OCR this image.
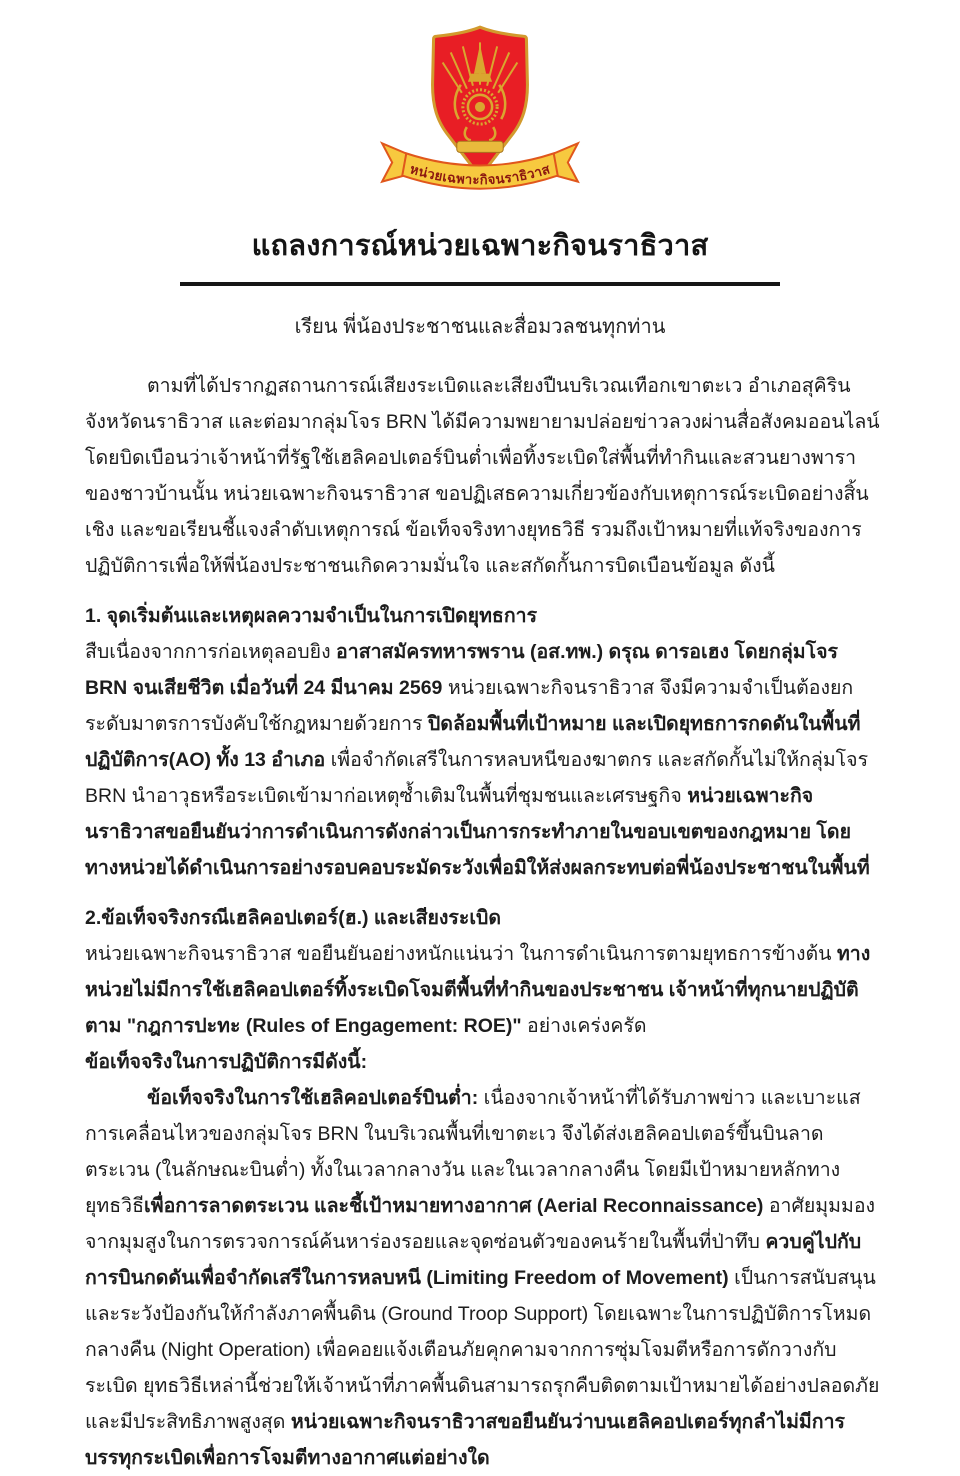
หน่วยเฉพาะกิจนราธิวาส
แถลงการณ์หน่วยเฉพาะกิจนราธิวาส
เรียน พี่น้องประชาชนและสื่อมวลชนทุกท่าน
ตามที่ได้ปรากฏสถานการณ์เสียงระเบิดและเสียงปืนบริเวณเทือกเขาตะเว อำเภอสุคิริน จังหวัดนราธิวาส และต่อมากลุ่มโจร BRN ได้มีความพยายามปล่อยข่าวลวงผ่านสื่อสังคมออนไลน์ โดยบิดเบือนว่าเจ้าหน้าที่รัฐใช้เฮลิคอปเตอร์บินต่ำเพื่อทิ้งระเบิดใส่พื้นที่ทำกินและสวนยางพาราของชาวบ้านนั้น หน่วยเฉพาะกิจนราธิวาส ขอปฏิเสธความเกี่ยวข้องกับเหตุการณ์ระเบิดอย่างสิ้นเชิง และขอเรียนชี้แจงลำดับเหตุการณ์ ข้อเท็จจริงทางยุทธวิธี รวมถึงเป้าหมายที่แท้จริงของการปฏิบัติการเพื่อให้พี่น้องประชาชนเกิดความมั่นใจ และสกัดกั้นการบิดเบือนข้อมูล ดังนี้
1. จุดเริ่มต้นและเหตุผลความจำเป็นในการเปิดยุทธการ
สืบเนื่องจากการก่อเหตุลอบยิง อาสาสมัครทหารพราน (อส.ทพ.) ดรุณ ดารอเฮง โดยกลุ่มโจร BRN จนเสียชีวิต เมื่อวันที่ 24 มีนาคม 2569 หน่วยเฉพาะกิจนราธิวาส จึงมีความจำเป็นต้องยกระดับมาตรการบังคับใช้กฎหมายด้วยการ ปิดล้อมพื้นที่เป้าหมาย และเปิดยุทธการกดดันในพื้นที่ปฏิบัติการ(AO) ทั้ง 13 อำเภอ เพื่อจำกัดเสรีในการหลบหนีของฆาตกร และสกัดกั้นไม่ให้กลุ่มโจร BRN นำอาวุธหรือระเบิดเข้ามาก่อเหตุซ้ำเติมในพื้นที่ชุมชนและเศรษฐกิจ หน่วยเฉพาะกิจนราธิวาสขอยืนยันว่าการดำเนินการดังกล่าวเป็นการกระทำภายในขอบเขตของกฎหมาย โดยทางหน่วยได้ดำเนินการอย่างรอบคอบระมัดระวังเพื่อมิให้ส่งผลกระทบต่อพี่น้องประชาชนในพื้นที่
2.ข้อเท็จจริงกรณีเฮลิคอปเตอร์(ฮ.) และเสียงระเบิด
หน่วยเฉพาะกิจนราธิวาส ขอยืนยันอย่างหนักแน่นว่า ในการดำเนินการตามยุทธการข้างต้น ทางหน่วยไม่มีการใช้เฮลิคอปเตอร์ทิ้งระเบิดโจมตีพื้นที่ทำกินของประชาชน เจ้าหน้าที่ทุกนายปฏิบัติตาม "กฎการปะทะ (Rules of Engagement: ROE)" อย่างเคร่งครัด
ข้อเท็จจริงในการปฏิบัติการมีดังนี้:
ข้อเท็จจริงในการใช้เฮลิคอปเตอร์บินต่ำ: เนื่องจากเจ้าหน้าที่ได้รับภาพข่าว และเบาะแสการเคลื่อนไหวของกลุ่มโจร BRN ในบริเวณพื้นที่เขาตะเว จึงได้ส่งเฮลิคอปเตอร์ขึ้นบินลาดตระเวน (ในลักษณะบินต่ำ) ทั้งในเวลากลางวัน และในเวลากลางคืน โดยมีเป้าหมายหลักทางยุทธวิธีเพื่อการลาดตระเวน และชี้เป้าหมายทางอากาศ (Aerial Reconnaissance) อาศัยมุมมองจากมุมสูงในการตรวจการณ์ค้นหาร่องรอยและจุดซ่อนตัวของคนร้ายในพื้นที่ป่าทึบ ควบคู่ไปกับการบินกดดันเพื่อจำกัดเสรีในการหลบหนี (Limiting Freedom of Movement) เป็นการสนับสนุนและระวังป้องกันให้กำลังภาคพื้นดิน (Ground Troop Support) โดยเฉพาะในการปฏิบัติการโหมดกลางคืน (Night Operation) เพื่อคอยแจ้งเตือนภัยคุกคามจากการซุ่มโจมตีหรือการดักวางกับระเบิด ยุทธวิธีเหล่านี้ช่วยให้เจ้าหน้าที่ภาคพื้นดินสามารถรุกคืบติดตามเป้าหมายได้อย่างปลอดภัย และมีประสิทธิภาพสูงสุด หน่วยเฉพาะกิจนราธิวาสขอยืนยันว่าบนเฮลิคอปเตอร์ทุกลำไม่มีการบรรทุกระเบิดเพื่อการโจมตีทางอากาศแต่อย่างใด
